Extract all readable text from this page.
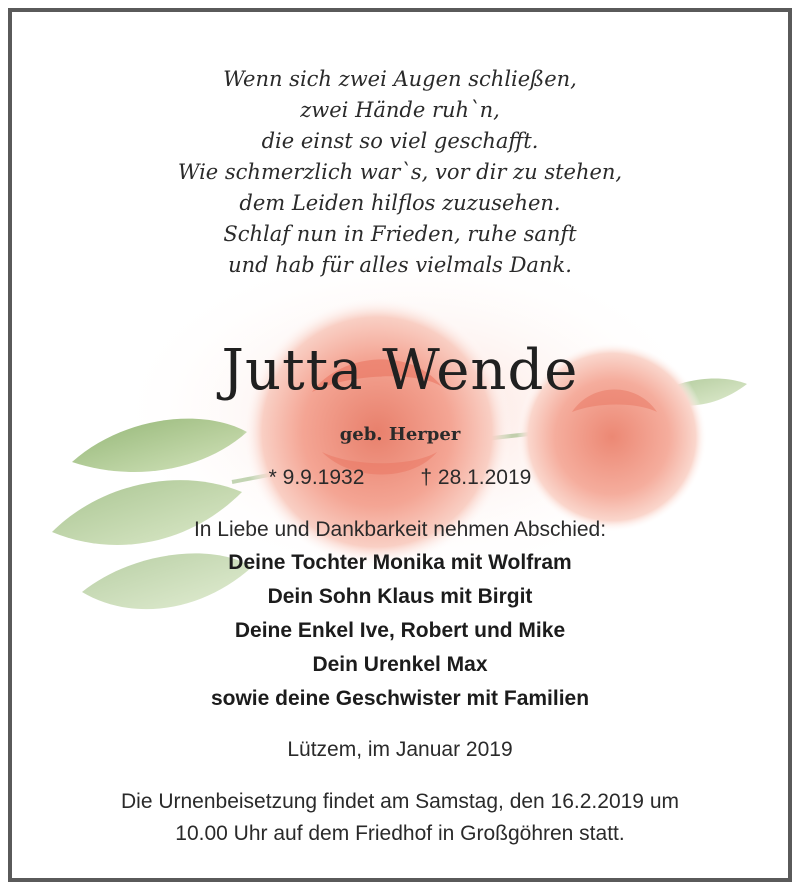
Wenn sich zwei Augen schließen,
zwei Hände ruh`n,
die einst so viel geschafft.
Wie schmerzlich war`s, vor dir zu stehen,
dem Leiden hilflos zuzusehen.
Schlaf nun in Frieden, ruhe sanft
und hab für alles vielmals Dank.
Jutta Wende
geb. Herper
* 9.9.1932	† 28.1.2019
In Liebe und Dankbarkeit nehmen Abschied:
Deine Tochter Monika mit Wolfram
Dein Sohn Klaus mit Birgit
Deine Enkel Ive, Robert und Mike
Dein Urenkel Max
sowie deine Geschwister mit Familien
Lützem, im Januar 2019
Die Urnenbeisetzung findet am Samstag, den 16.2.2019 um
10.00 Uhr auf dem Friedhof in Großgöhren statt.
